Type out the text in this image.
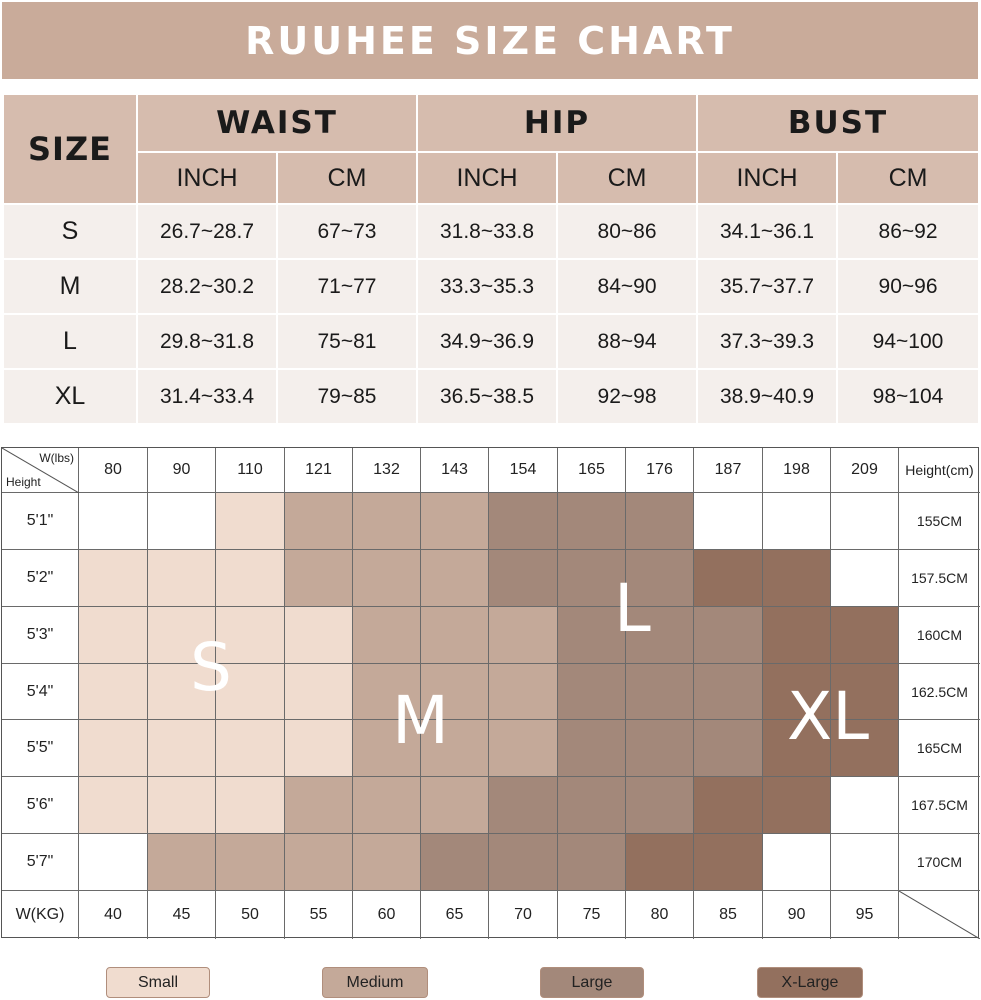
RUUHEE SIZE CHART
SIZE	WAIST		HIP		BUST	
	INCH	CM	INCH	CM	INCH	CM
S	26.7~28.7	67~73	31.8~33.8	80~86	34.1~36.1	86~92
M	28.2~30.2	71~77	33.3~35.3	84~90	35.7~37.7	90~96
L	29.8~31.8	75~81	34.9~36.9	88~94	37.3~39.3	94~100
XL	31.4~33.4	79~85	36.5~38.5	92~98	38.9~40.9	98~104
W(lbs)
Height
80	90	110	121	132	143	154	165	176	187	198	209	Height(cm)
5'1"	155CM
5'2"	157.5CM
5'3"	160CM
5'4"	162.5CM
5'5"	165CM
5'6"	167.5CM
5'7"	170CM
W(KG)	40	45	50	55	60	65	70	75	80	85	90	95
S
M
L
XL
Small	Medium	Large	X-Large
